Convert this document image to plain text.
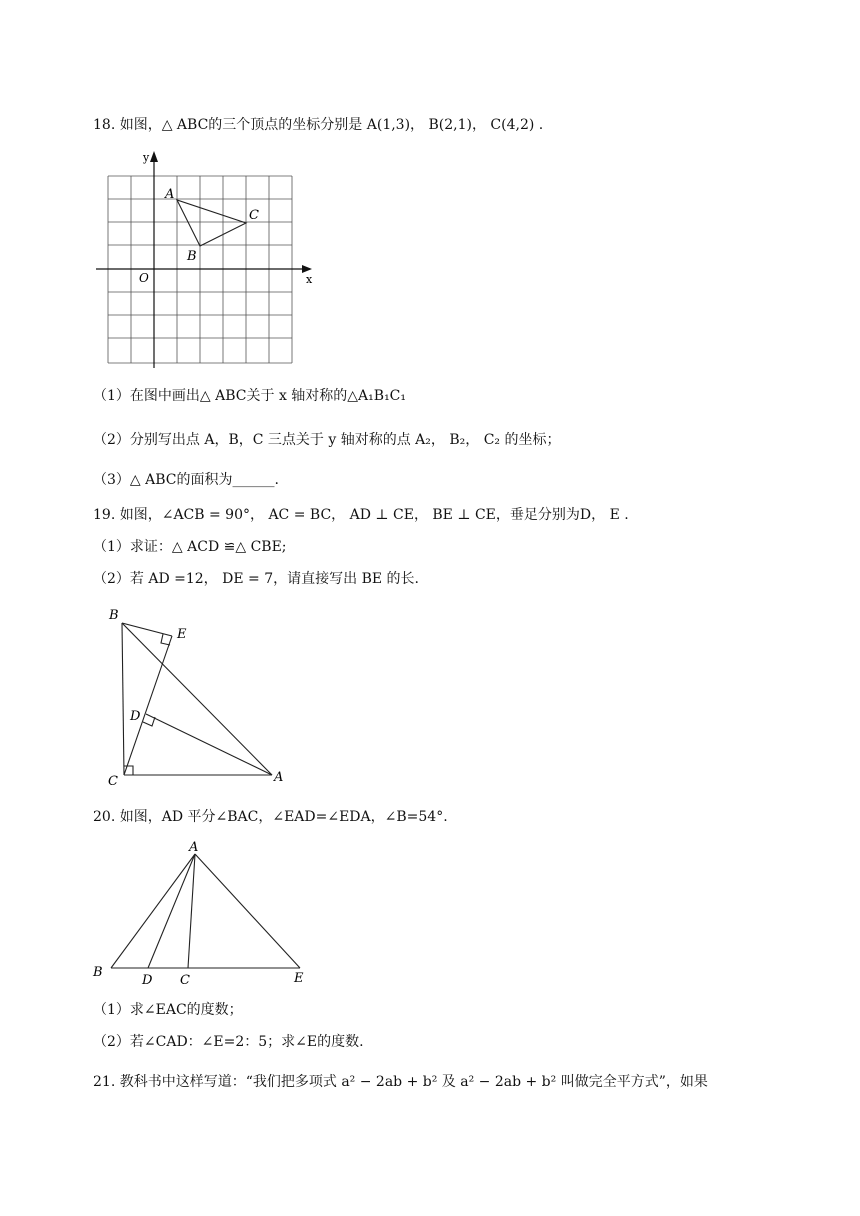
18. 如图，△ ABC的三个顶点的坐标分别是 A(1,3)， B(2,1)， C(4,2) .
y
x
O
A
B
C
（1）在图中画出△ ABC关于 x 轴对称的△A₁B₁C₁
（2）分别写出点 A，B，C 三点关于 y 轴对称的点 A₂， B₂， C₂ 的坐标；
（3）△ ABC的面积为______.
19. 如图，∠ACB = 90°， AC = BC， AD ⊥ CE， BE ⊥ CE，垂足分别为D， E .
（1）求证：△ ACD ≌△ CBE;
（2）若 AD =12， DE = 7，请直接写出 BE 的长.
B
E
D
C	A
20. 如图，AD 平分∠BAC，∠EAD=∠EDA，∠B=54°.
A
B
D C	E
（1）求∠EAC的度数；
（2）若∠CAD：∠E=2：5；求∠E的度数.
21. 教科书中这样写道：“我们把多项式 a² − 2ab + b² 及 a² − 2ab + b² 叫做完全平方式”，如果
